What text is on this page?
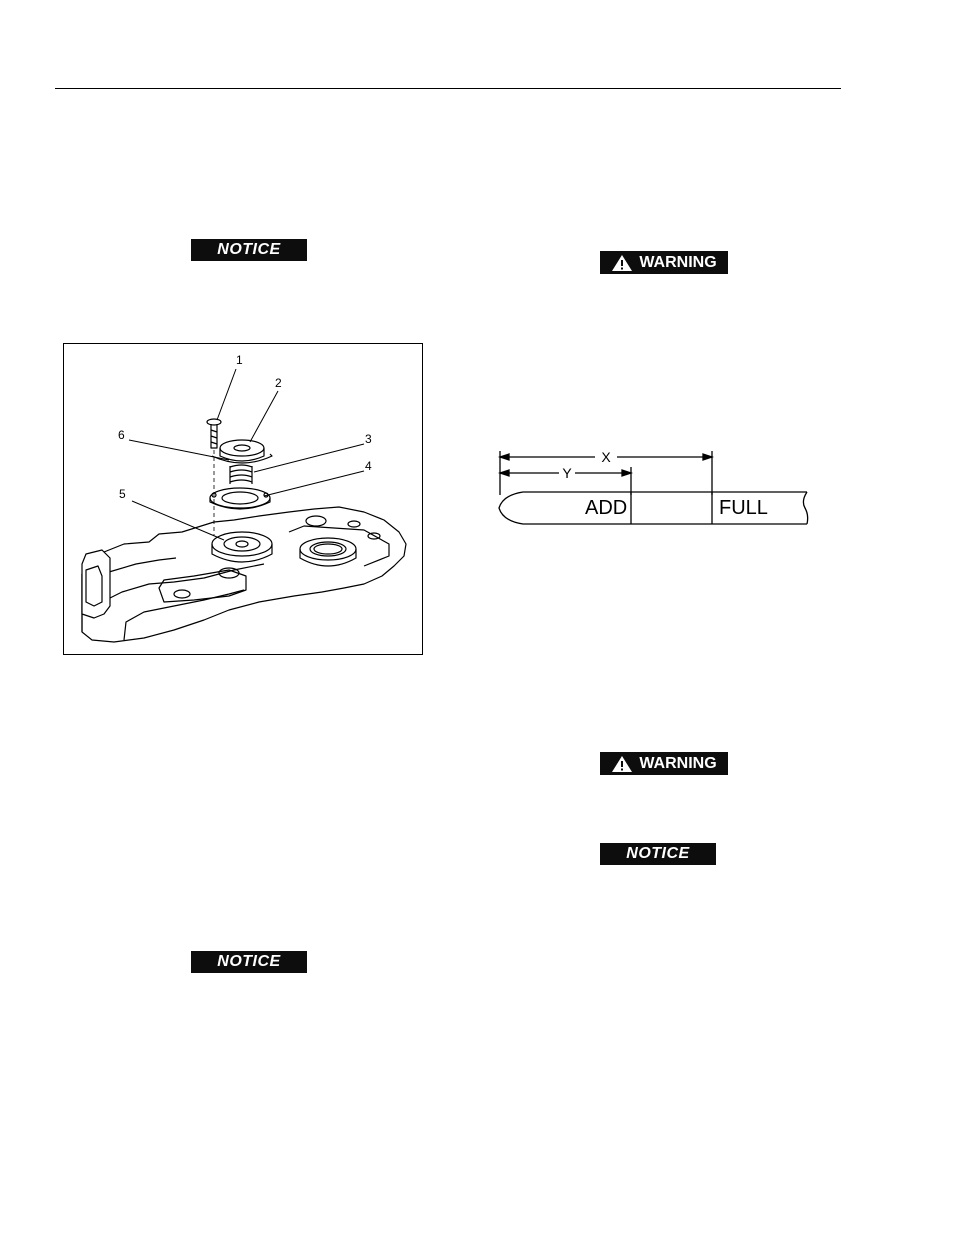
NOTICE
WARNING
1
2
3
4
5
6
X
Y
ADD	FULL
WARNING
NOTICE
NOTICE
